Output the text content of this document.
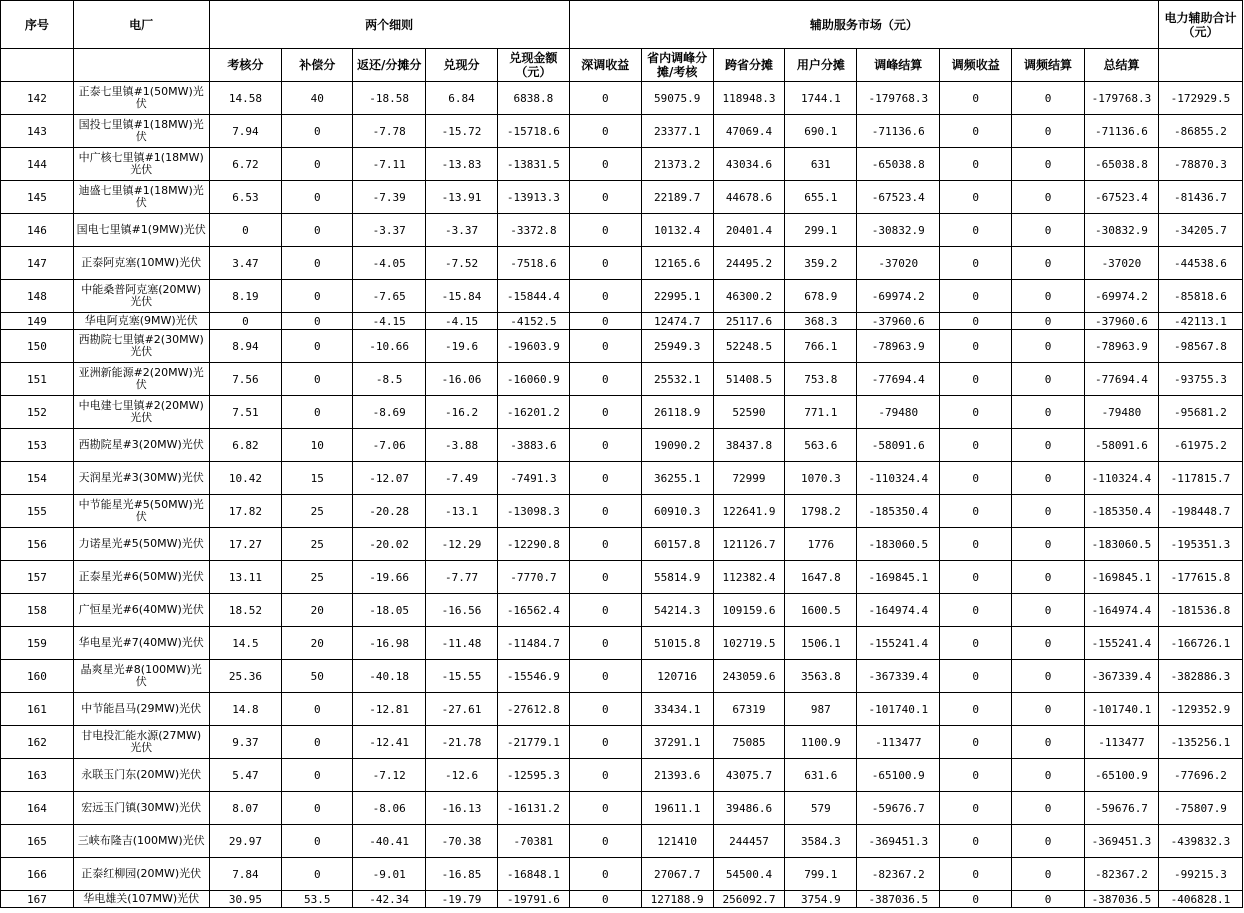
序号	电厂	两个细则					辅助服务市场（元）								电力辅助合计（元）
		考核分	补偿分	返还/分摊分	兑现分	兑现金额（元）	深调收益	省内调峰分摊/考核	跨省分摊	用户分摊	调峰结算	调频收益	调频结算	总结算	
142	正泰七里镇#1(50MW)光伏	14.58	40	-18.58	6.84	6838.8	0	59075.9	118948.3	1744.1	-179768.3	0	0	-179768.3	-172929.5
143	国投七里镇#1(18MW)光伏	7.94	0	-7.78	-15.72	-15718.6	0	23377.1	47069.4	690.1	-71136.6	0	0	-71136.6	-86855.2
144	中广核七里镇#1(18MW)光伏	6.72	0	-7.11	-13.83	-13831.5	0	21373.2	43034.6	631	-65038.8	0	0	-65038.8	-78870.3
145	迪盛七里镇#1(18MW)光伏	6.53	0	-7.39	-13.91	-13913.3	0	22189.7	44678.6	655.1	-67523.4	0	0	-67523.4	-81436.7
146	国电七里镇#1(9MW)光伏	0	0	-3.37	-3.37	-3372.8	0	10132.4	20401.4	299.1	-30832.9	0	0	-30832.9	-34205.7
147	正泰阿克塞(10MW)光伏	3.47	0	-4.05	-7.52	-7518.6	0	12165.6	24495.2	359.2	-37020	0	0	-37020	-44538.6
148	中能桑普阿克塞(20MW)光伏	8.19	0	-7.65	-15.84	-15844.4	0	22995.1	46300.2	678.9	-69974.2	0	0	-69974.2	-85818.6
149	华电阿克塞(9MW)光伏	0	0	-4.15	-4.15	-4152.5	0	12474.7	25117.6	368.3	-37960.6	0	0	-37960.6	-42113.1
150	西勘院七里镇#2(30MW)光伏	8.94	0	-10.66	-19.6	-19603.9	0	25949.3	52248.5	766.1	-78963.9	0	0	-78963.9	-98567.8
151	亚洲新能源#2(20MW)光伏	7.56	0	-8.5	-16.06	-16060.9	0	25532.1	51408.5	753.8	-77694.4	0	0	-77694.4	-93755.3
152	中电建七里镇#2(20MW)光伏	7.51	0	-8.69	-16.2	-16201.2	0	26118.9	52590	771.1	-79480	0	0	-79480	-95681.2
153	西勘院星#3(20MW)光伏	6.82	10	-7.06	-3.88	-3883.6	0	19090.2	38437.8	563.6	-58091.6	0	0	-58091.6	-61975.2
154	天润星光#3(30MW)光伏	10.42	15	-12.07	-7.49	-7491.3	0	36255.1	72999	1070.3	-110324.4	0	0	-110324.4	-117815.7
155	中节能星光#5(50MW)光伏	17.82	25	-20.28	-13.1	-13098.3	0	60910.3	122641.9	1798.2	-185350.4	0	0	-185350.4	-198448.7
156	力诺星光#5(50MW)光伏	17.27	25	-20.02	-12.29	-12290.8	0	60157.8	121126.7	1776	-183060.5	0	0	-183060.5	-195351.3
157	正泰星光#6(50MW)光伏	13.11	25	-19.66	-7.77	-7770.7	0	55814.9	112382.4	1647.8	-169845.1	0	0	-169845.1	-177615.8
158	广恒星光#6(40MW)光伏	18.52	20	-18.05	-16.56	-16562.4	0	54214.3	109159.6	1600.5	-164974.4	0	0	-164974.4	-181536.8
159	华电星光#7(40MW)光伏	14.5	20	-16.98	-11.48	-11484.7	0	51015.8	102719.5	1506.1	-155241.4	0	0	-155241.4	-166726.1
160	晶爽星光#8(100MW)光伏	25.36	50	-40.18	-15.55	-15546.9	0	120716	243059.6	3563.8	-367339.4	0	0	-367339.4	-382886.3
161	中节能昌马(29MW)光伏	14.8	0	-12.81	-27.61	-27612.8	0	33434.1	67319	987	-101740.1	0	0	-101740.1	-129352.9
162	甘电投汇能水源(27MW)光伏	9.37	0	-12.41	-21.78	-21779.1	0	37291.1	75085	1100.9	-113477	0	0	-113477	-135256.1
163	永联玉门东(20MW)光伏	5.47	0	-7.12	-12.6	-12595.3	0	21393.6	43075.7	631.6	-65100.9	0	0	-65100.9	-77696.2
164	宏远玉门镇(30MW)光伏	8.07	0	-8.06	-16.13	-16131.2	0	19611.1	39486.6	579	-59676.7	0	0	-59676.7	-75807.9
165	三峡布隆吉(100MW)光伏	29.97	0	-40.41	-70.38	-70381	0	121410	244457	3584.3	-369451.3	0	0	-369451.3	-439832.3
166	正泰红柳园(20MW)光伏	7.84	0	-9.01	-16.85	-16848.1	0	27067.7	54500.4	799.1	-82367.2	0	0	-82367.2	-99215.3
167	华电雄关(107MW)光伏	30.95	53.5	-42.34	-19.79	-19791.6	0	127188.9	256092.7	3754.9	-387036.5	0	0	-387036.5	-406828.1
